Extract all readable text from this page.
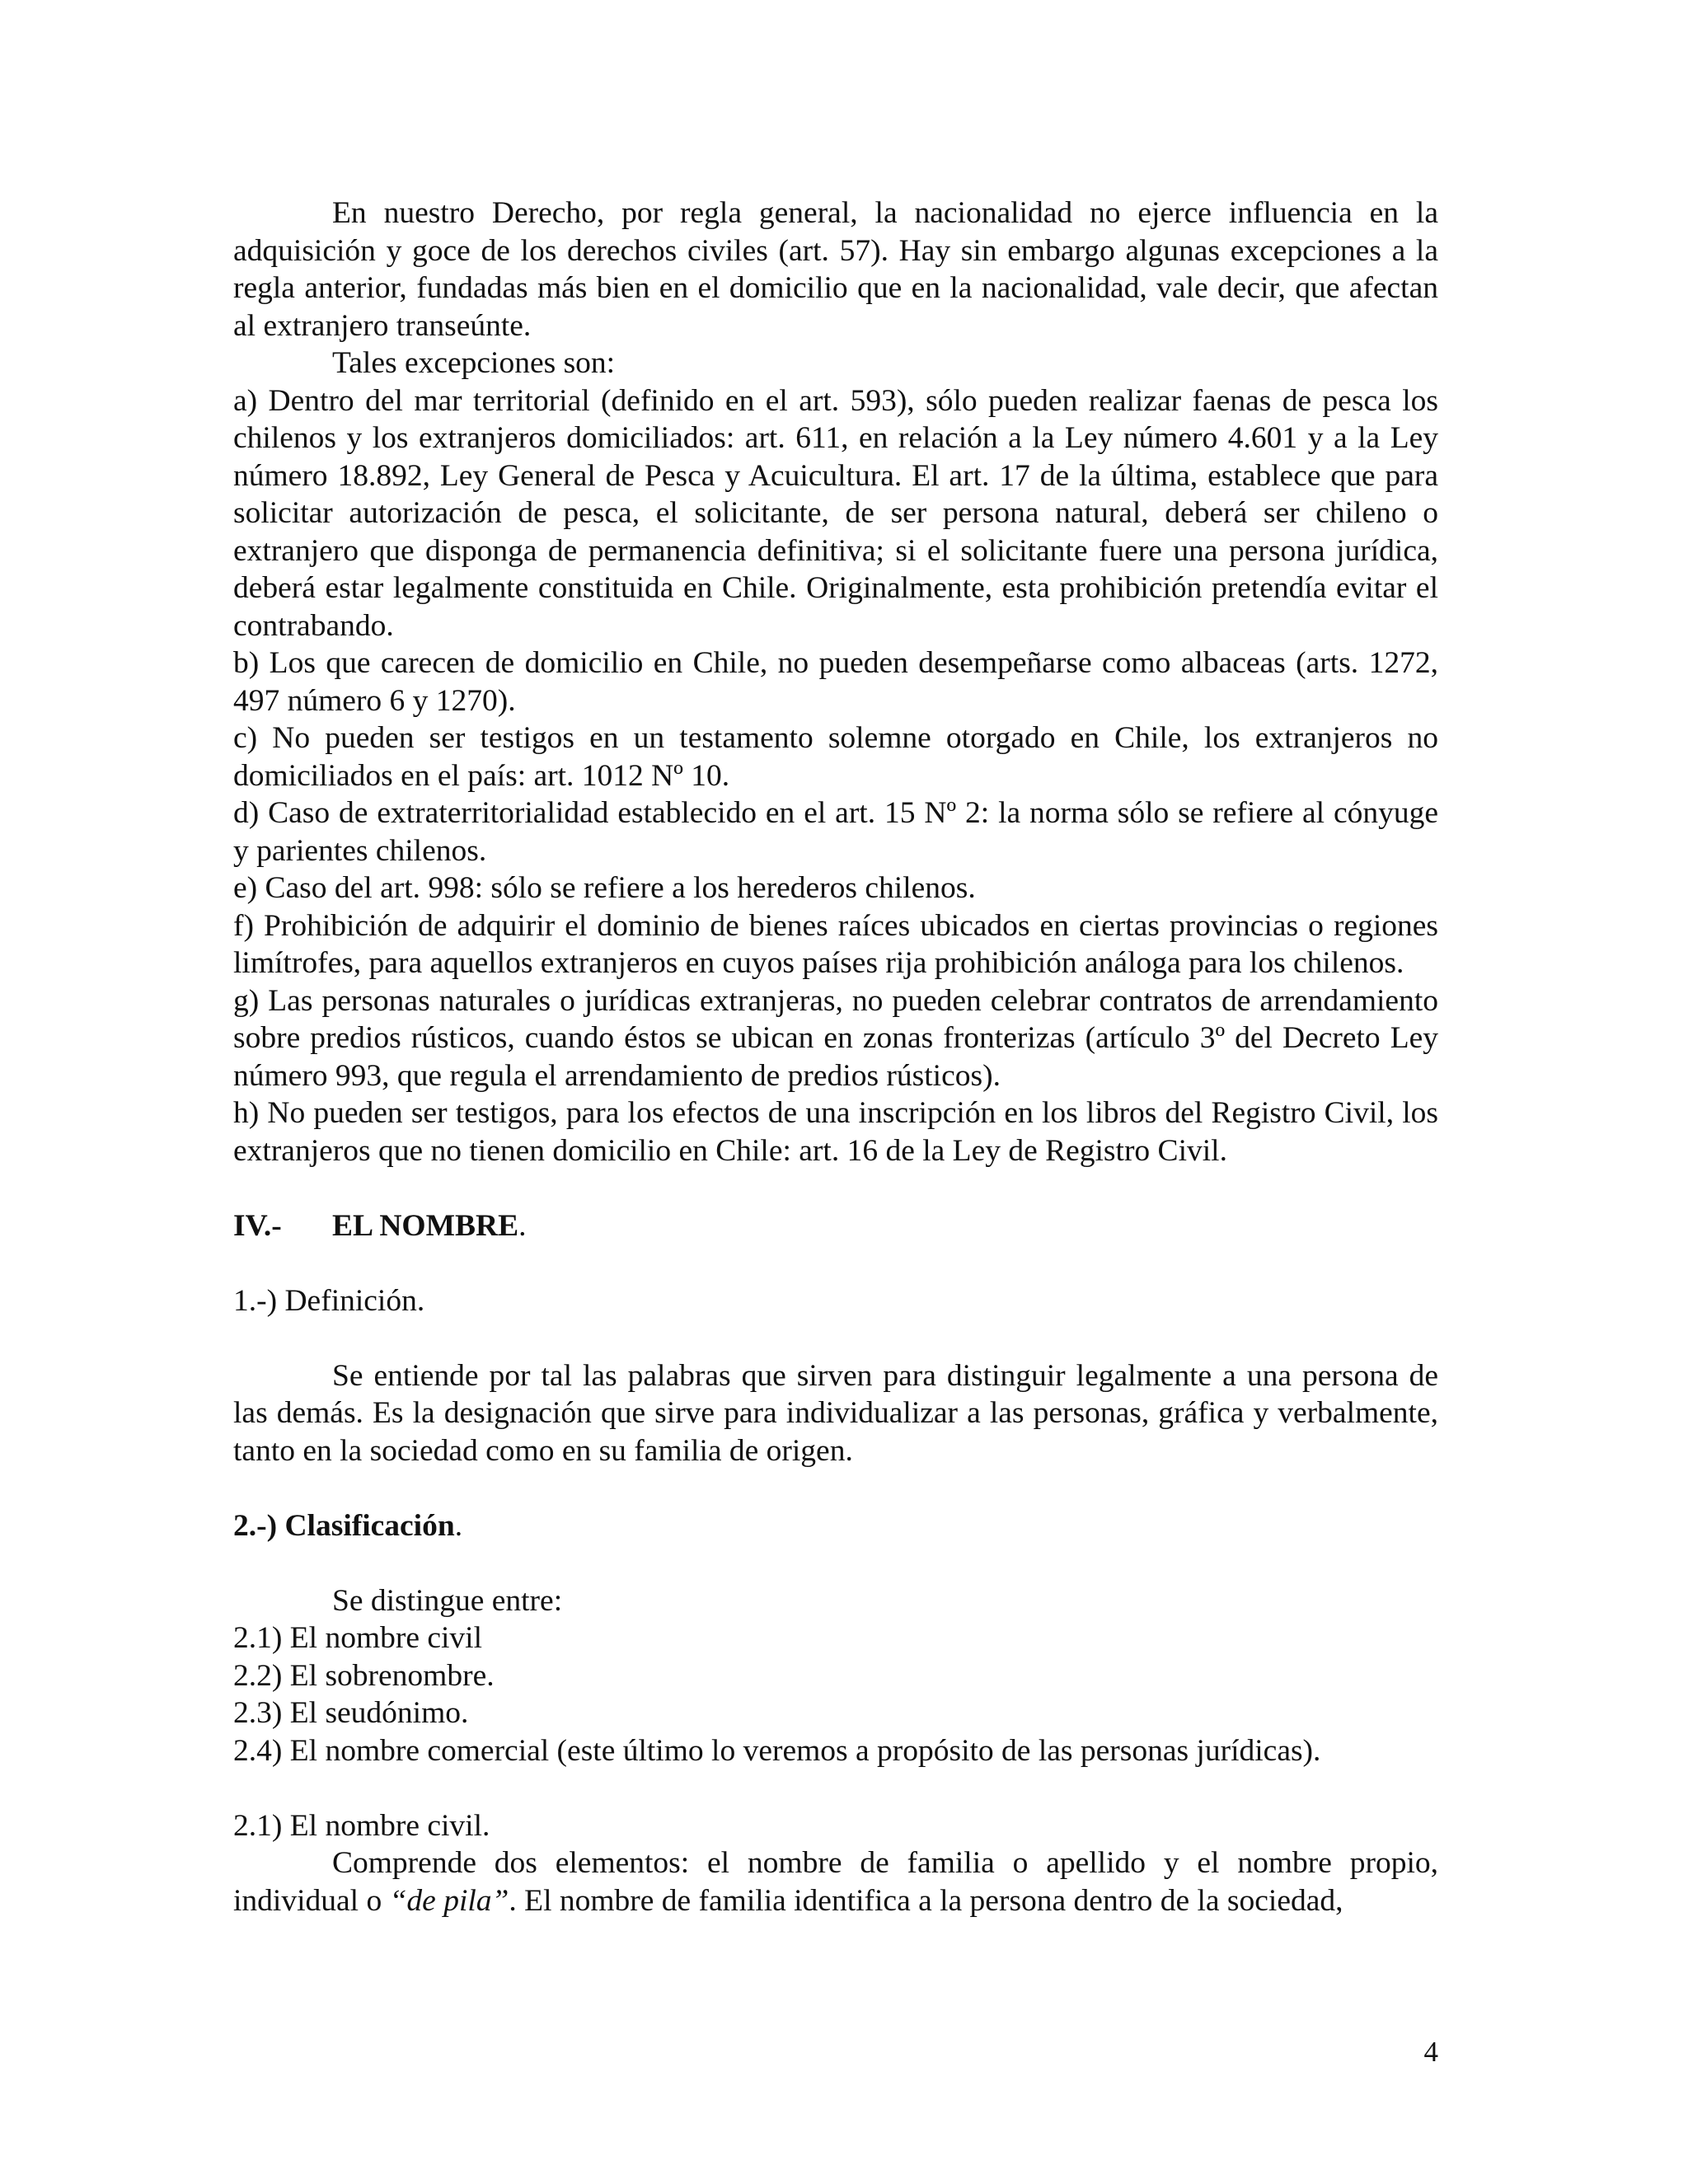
En nuestro Derecho, por regla general, la nacionalidad no ejerce influencia en la adquisición y goce de los derechos civiles (art. 57). Hay sin embargo algunas excepciones a la regla anterior, fundadas más bien en el domicilio que en la nacionalidad, vale decir, que afectan al extranjero transeúnte.

Tales excepciones son:

a) Dentro del mar territorial (definido en el art. 593), sólo pueden realizar faenas de pesca los chilenos y los extranjeros domiciliados: art. 611, en relación a la Ley número 4.601 y a la Ley número 18.892, Ley General de Pesca y Acuicultura. El art. 17 de la última, establece que para solicitar autorización de pesca, el solicitante, de ser persona natural, deberá ser chileno o extranjero que disponga de permanencia definitiva; si el solicitante fuere una persona jurídica, deberá estar legalmente constituida en Chile. Originalmente, esta prohibición pretendía evitar el contrabando.

b) Los que carecen de domicilio en Chile, no pueden desempeñarse como albaceas (arts. 1272, 497 número 6 y 1270).

c) No pueden ser testigos en un testamento solemne otorgado en Chile, los extranjeros no domiciliados en el país: art. 1012 Nº 10.

d) Caso de extraterritorialidad establecido en el art. 15 Nº 2: la norma sólo se refiere al cónyuge y parientes chilenos.

e) Caso del art. 998: sólo se refiere a los herederos chilenos.

f) Prohibición de adquirir el dominio de bienes raíces ubicados en ciertas provincias o regiones limítrofes, para aquellos extranjeros en cuyos países rija prohibición análoga para los chilenos.

g) Las personas naturales o jurídicas extranjeras, no pueden celebrar contratos de arrendamiento sobre predios rústicos, cuando éstos se ubican en zonas fronterizas (artículo 3º del Decreto Ley número 993, que regula el arrendamiento de predios rústicos).

h) No pueden ser testigos, para los efectos de una inscripción en los libros del Registro Civil, los extranjeros que no tienen domicilio en Chile: art. 16 de la Ley de Registro Civil.

IV.- EL NOMBRE.

1.-) Definición.

Se entiende por tal las palabras que sirven para distinguir legalmente a una persona de las demás. Es la designación que sirve para individualizar a las personas, gráfica y verbalmente, tanto en la sociedad como en su familia de origen.

2.-) Clasificación.

Se distingue entre:

2.1) El nombre civil

2.2) El sobrenombre.

2.3) El seudónimo.

2.4) El nombre comercial (este último lo veremos a propósito de las personas jurídicas).

2.1) El nombre civil.

Comprende dos elementos: el nombre de familia o apellido y el nombre propio, individual o “de pila”. El nombre de familia identifica a la persona dentro de la sociedad,

4
